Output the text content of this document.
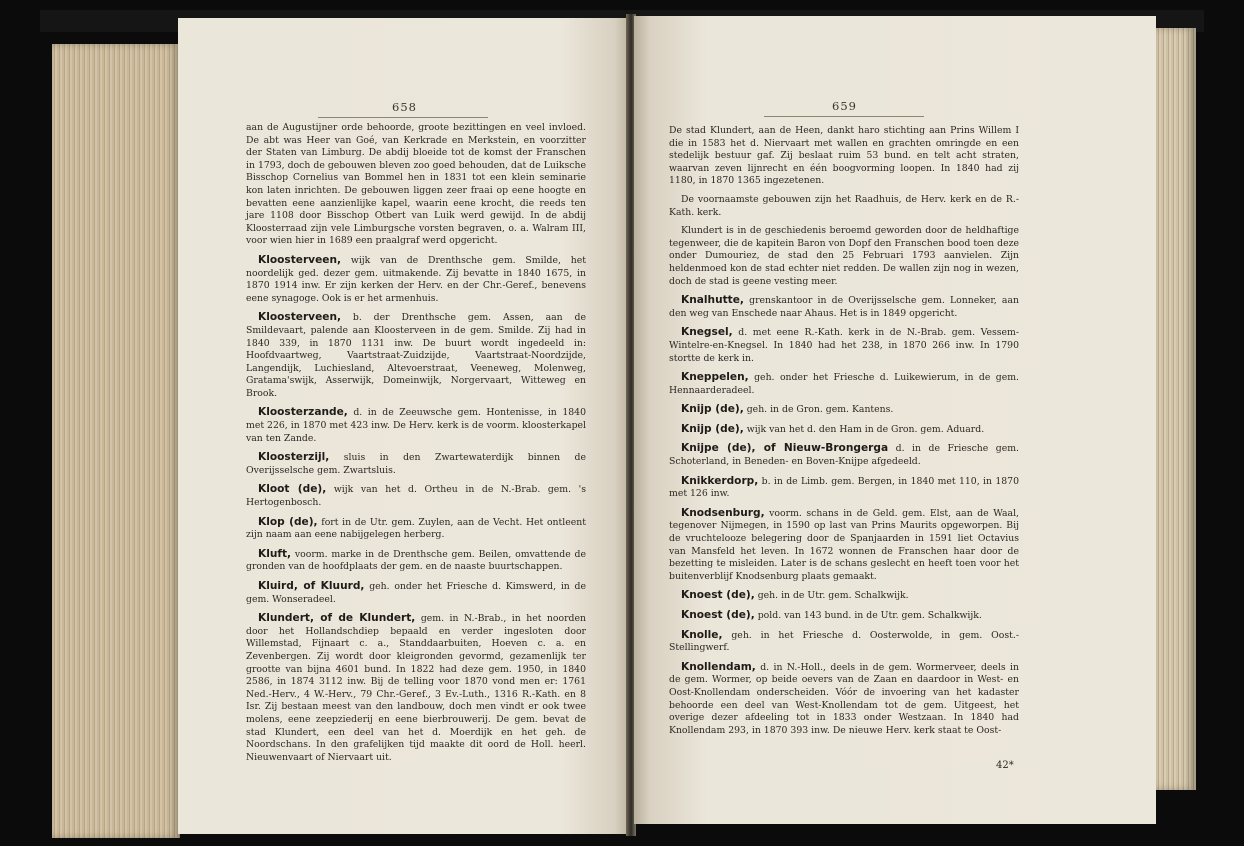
658

aan de Augustijner orde behoorde, groote bezittingen en veel invloed. De abt was Heer van Goé, van Kerkrade en Merkstein, en voorzitter der Staten van Limburg. De abdij bloeide tot de komst der Franschen in 1793, doch de gebouwen bleven zoo goed behouden, dat de Luiksche Bisschop Cornelius van Bommel hen in 1831 tot een klein seminarie kon laten inrichten. De gebouwen liggen zeer fraai op eene hoogte en bevatten eene aanzienlijke kapel, waarin eene krocht, die reeds ten jare 1108 door Bisschop Otbert van Luik werd gewijd. In de abdij Kloosterraad zijn vele Limburgsche vorsten begraven, o. a. Walram III, voor wien hier in 1689 een praalgraf werd opgericht.

Kloosterveen, wijk van de Drenthsche gem. Smilde, het noordelijk ged. dezer gem. uitmakende. Zij bevatte in 1840 1675, in 1870 1914 inw. Er zijn kerken der Herv. en der Chr.-Geref., benevens eene synagoge. Ook is er het armenhuis.

Kloosterveen, b. der Drenthsche gem. Assen, aan de Smildevaart, palende aan Kloosterveen in de gem. Smilde. Zij had in 1840 339, in 1870 1131 inw. De buurt wordt ingedeeld in: Hoofdvaartweg, Vaartstraat-Zuidzijde, Vaartstraat-Noordzijde, Langendijk, Luchiesland, Altevoerstraat, Veeneweg, Molenweg, Gratama'swijk, Asserwijk, Domeinwijk, Norgervaart, Witteweg en Brook.

Kloosterzande, d. in de Zeeuwsche gem. Hontenisse, in 1840 met 226, in 1870 met 423 inw. De Herv. kerk is de voorm. kloosterkapel van ten Zande.

Kloosterzijl, sluis in den Zwartewaterdijk binnen de Overijsselsche gem. Zwartsluis.

Kloot (de), wijk van het d. Ortheu in de N.-Brab. gem. 's Hertogenbosch.

Klop (de), fort in de Utr. gem. Zuylen, aan de Vecht. Het ontleent zijn naam aan eene nabijgelegen herberg.

Kluft, voorm. marke in de Drenthsche gem. Beilen, omvattende de gronden van de hoofdplaats der gem. en de naaste buurtschappen.

Kluird, of Kluurd, geh. onder het Friesche d. Kimswerd, in de gem. Wonseradeel.

Klundert, of de Klundert, gem. in N.-Brab., in het noorden door het Hollandschdiep bepaald en verder ingesloten door Willemstad, Fijnaart c. a., Standdaarbuiten, Hoeven c. a. en Zevenbergen. Zij wordt door kleigronden gevormd, gezamenlijk ter grootte van bijna 4601 bund. In 1822 had deze gem. 1950, in 1840 2586, in 1874 3112 inw. Bij de telling voor 1870 vond men er: 1761 Ned.-Herv., 4 W.-Herv., 79 Chr.-Geref., 3 Ev.-Luth., 1316 R.-Kath. en 8 Isr. Zij bestaan meest van den landbouw, doch men vindt er ook twee molens, eene zeepziederij en eene bierbrouwerij. De gem. bevat de stad Klundert, een deel van het d. Moerdijk en het geh. de Noordschans. In den grafelijken tijd maakte dit oord de Holl. heerl. Nieuwenvaart of Niervaart uit.

659

De stad Klundert, aan de Heen, dankt haro stichting aan Prins Willem I die in 1583 het d. Niervaart met wallen en grachten omringde en een stedelijk bestuur gaf. Zij beslaat ruim 53 bund. en telt acht straten, waarvan zeven lijnrecht en één boogvorming loopen. In 1840 had zij 1180, in 1870 1365 ingezetenen.

De voornaamste gebouwen zijn het Raadhuis, de Herv. kerk en de R.-Kath. kerk.

Klundert is in de geschiedenis beroemd geworden door de heldhaftige tegenweer, die de kapitein Baron von Dopf den Franschen bood toen deze onder Dumouriez, de stad den 25 Februari 1793 aanvielen. Zijn heldenmoed kon de stad echter niet redden. De wallen zijn nog in wezen, doch de stad is geene vesting meer.

Knalhutte, grenskantoor in de Overijsselsche gem. Lonneker, aan den weg van Enschede naar Ahaus. Het is in 1849 opgericht.

Knegsel, d. met eene R.-Kath. kerk in de N.-Brab. gem. Vessem-Wintelre-en-Knegsel. In 1840 had het 238, in 1870 266 inw. In 1790 stortte de kerk in.

Kneppelen, geh. onder het Friesche d. Luikewierum, in de gem. Hennaarderadeel.

Knijp (de), geh. in de Gron. gem. Kantens.

Knijp (de), wijk van het d. den Ham in de Gron. gem. Aduard.

Knijpe (de), of Nieuw-Brongerga d. in de Friesche gem. Schoterland, in Beneden- en Boven-Knijpe afgedeeld.

Knikkerdorp, b. in de Limb. gem. Bergen, in 1840 met 110, in 1870 met 126 inw.

Knodsenburg, voorm. schans in de Geld. gem. Elst, aan de Waal, tegenover Nijmegen, in 1590 op last van Prins Maurits opgeworpen. Bij de vruchtelooze belegering door de Spanjaarden in 1591 liet Octavius van Mansfeld het leven. In 1672 wonnen de Franschen haar door de bezetting te misleiden. Later is de schans geslecht en heeft toen voor het buitenverblijf Knodsenburg plaats gemaakt.

Knoest (de), geh. in de Utr. gem. Schalkwijk.

Knoest (de), pold. van 143 bund. in de Utr. gem. Schalkwijk.

Knolle, geh. in het Friesche d. Oosterwolde, in gem. Oost.-Stellingwerf.

Knollendam, d. in N.-Holl., deels in de gem. Wormerveer, deels in de gem. Wormer, op beide oevers van de Zaan en daardoor in West- en Oost-Knollendam onderscheiden. Vóór de invoering van het kadaster behoorde een deel van West-Knollendam tot de gem. Uitgeest, het overige dezer afdeeling tot in 1833 onder Westzaan. In 1840 had Knollendam 293, in 1870 393 inw. De nieuwe Herv. kerk staat te Oost-

42*
